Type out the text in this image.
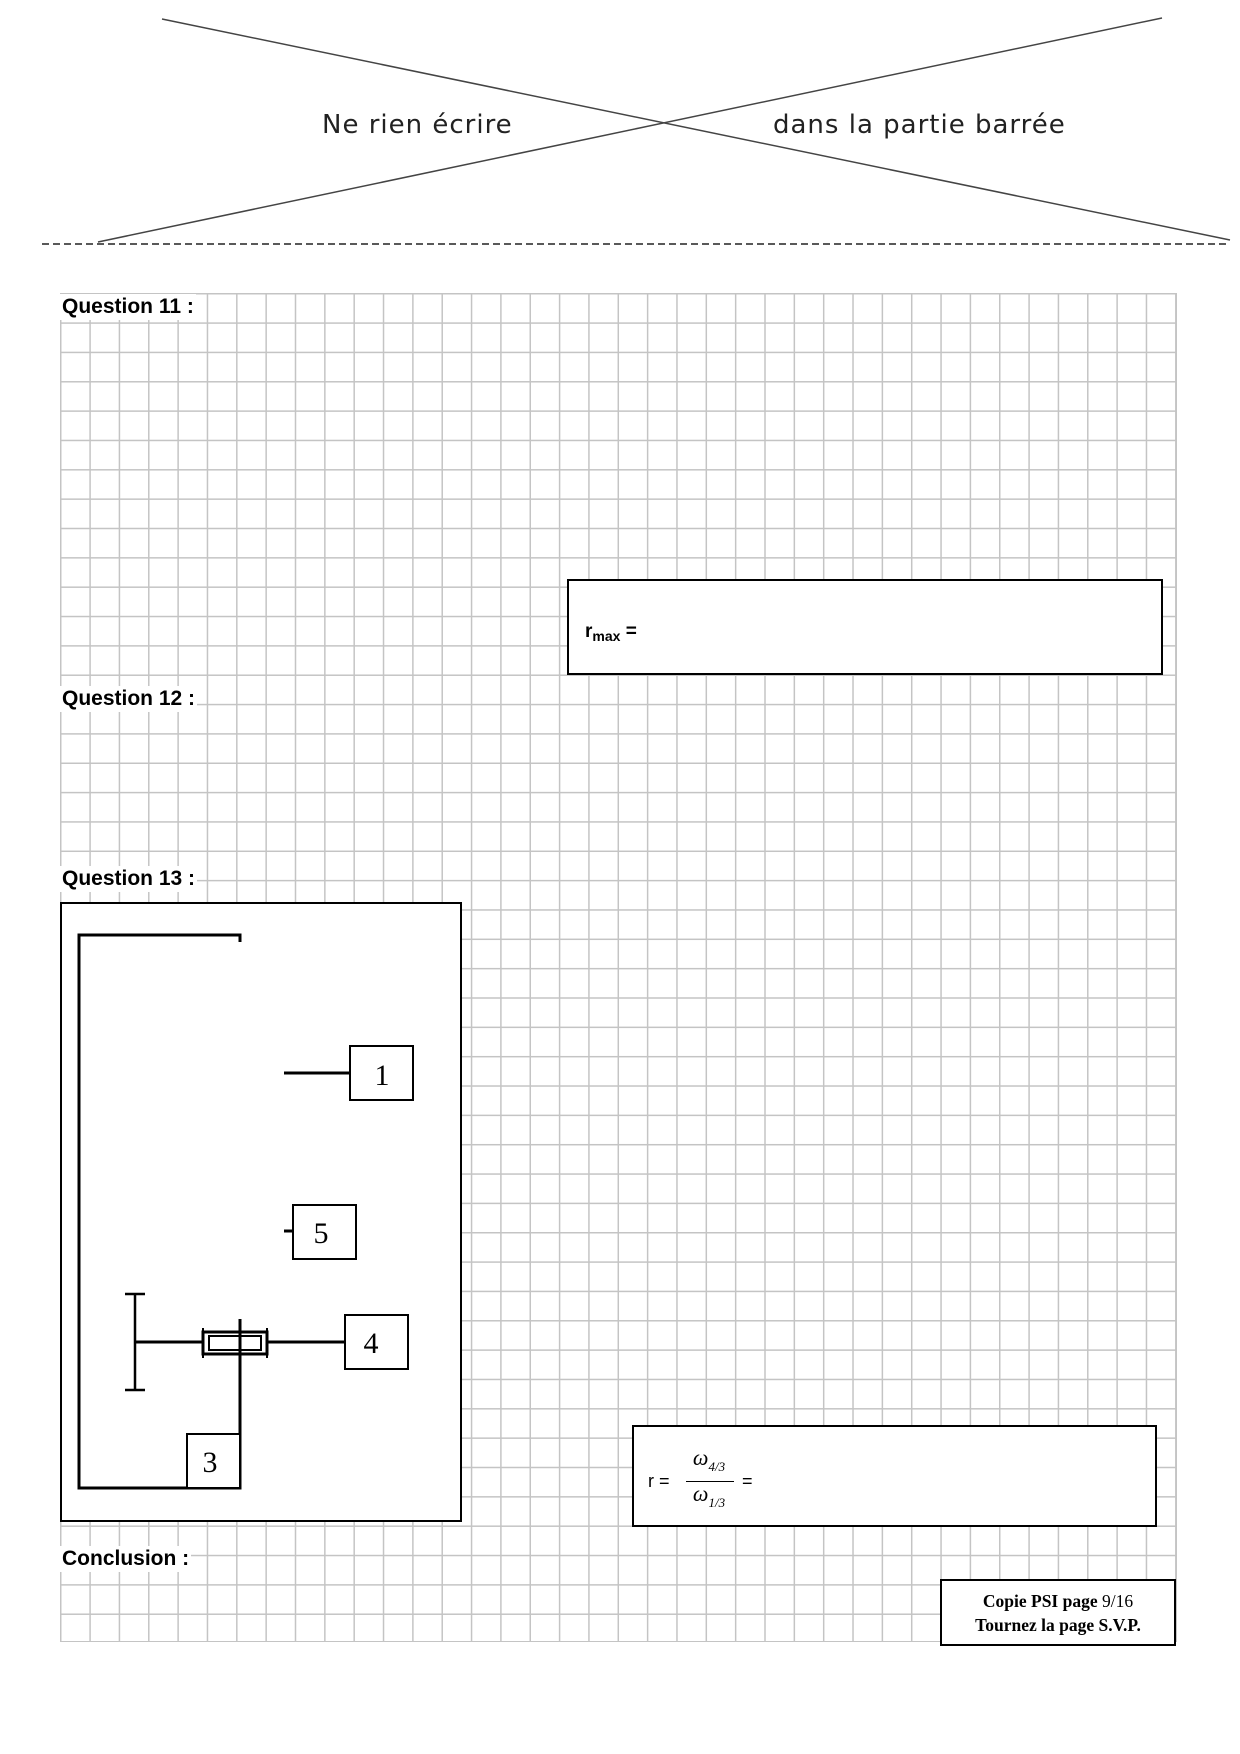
Ne rien écrire	dans la partie barrée
Question 11 :
Question 12 :
Question 13 :
Conclusion :
$r_{max}$ =
1
5
4
3
r =
$\omega_{4/3}$
$\omega_{1/3}$
=
Copie PSI page 9/16
Tournez la page S.V.P.
